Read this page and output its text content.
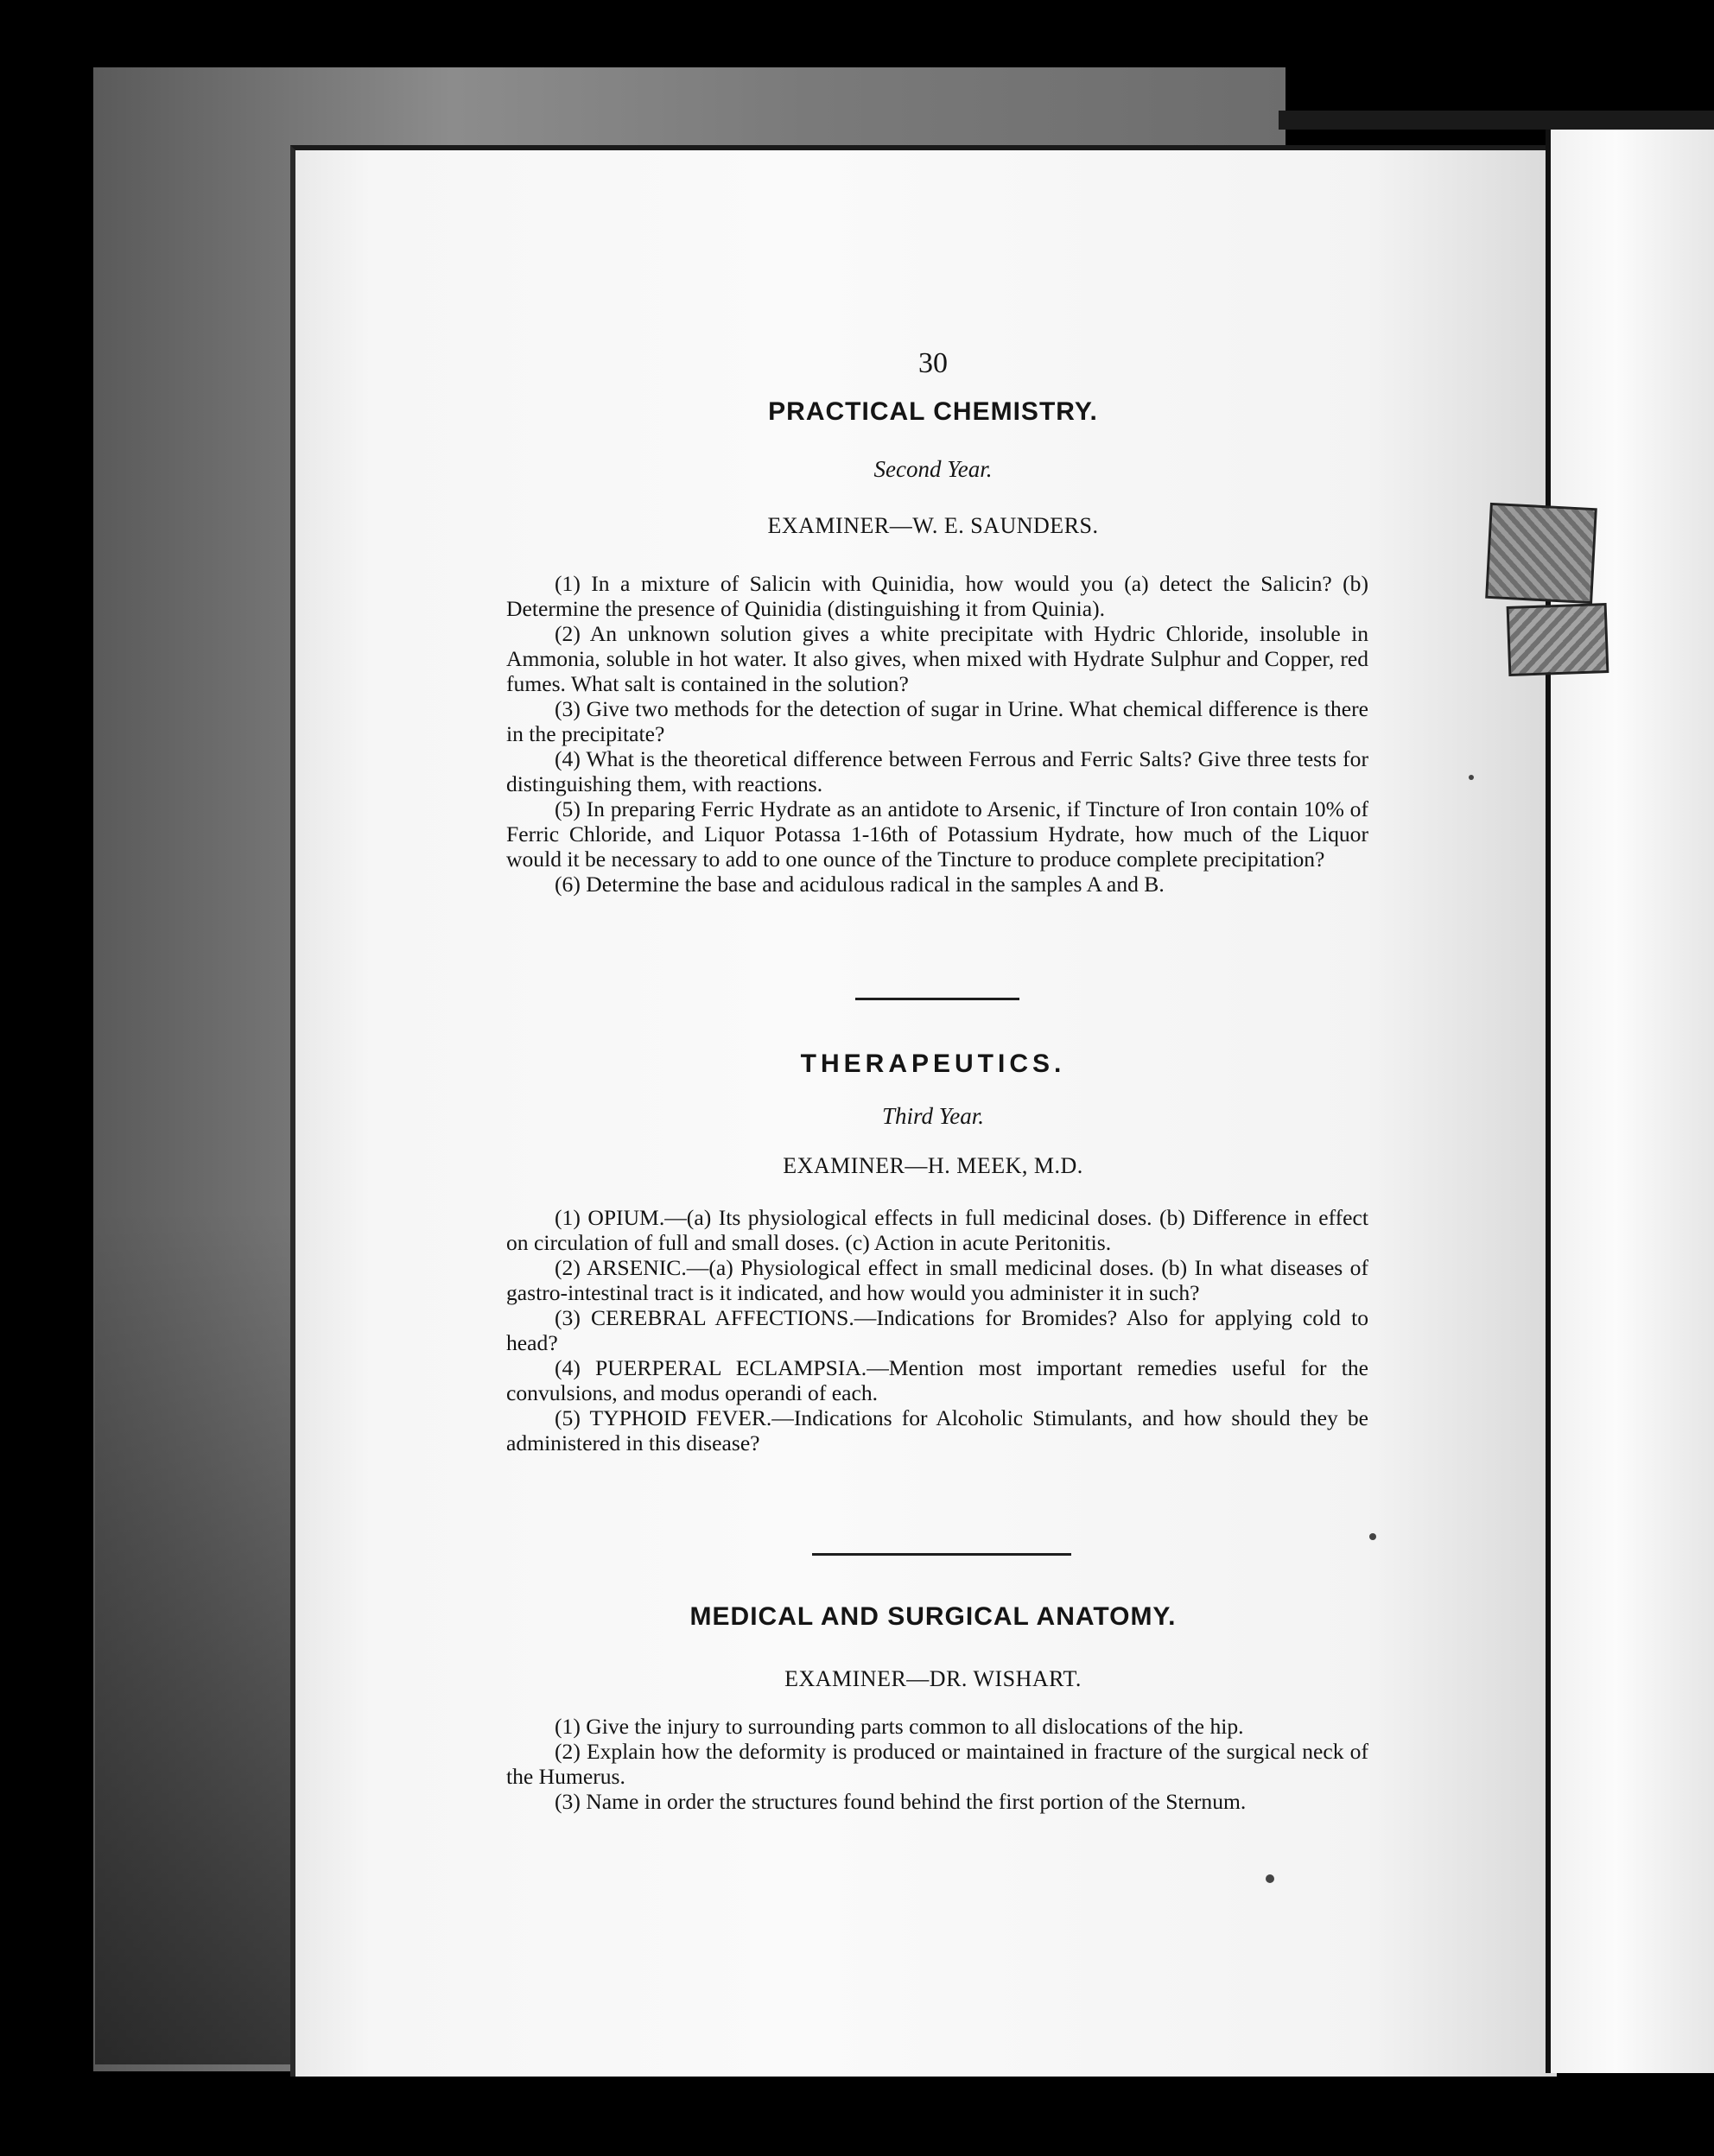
30
PRACTICAL CHEMISTRY.
Second Year.
EXAMINER—W. E. SAUNDERS.

(1) In a mixture of Salicin with Quinidia, how would you (a) detect the Salicin? (b) Determine the presence of Quinidia (distinguishing it from Quinia).

(2) An unknown solution gives a white precipitate with Hydric Chloride, insoluble in Ammonia, soluble in hot water. It also gives, when mixed with Hydrate Sulphur and Copper, red fumes. What salt is contained in the solution?

(3) Give two methods for the detection of sugar in Urine. What chemical difference is there in the precipitate?

(4) What is the theoretical difference between Ferrous and Ferric Salts? Give three tests for distinguishing them, with reactions.

(5) In preparing Ferric Hydrate as an antidote to Arsenic, if Tincture of Iron contain 10% of Ferric Chloride, and Liquor Potassa 1-16th of Potassium Hydrate, how much of the Liquor would it be necessary to add to one ounce of the Tincture to produce complete precipitation?

(6) Determine the base and acidulous radical in the samples A and B.

THERAPEUTICS.
Third Year.
EXAMINER—H. MEEK, M.D.

(1) OPIUM.—(a) Its physiological effects in full medicinal doses. (b) Difference in effect on circulation of full and small doses. (c) Action in acute Peritonitis.

(2) ARSENIC.—(a) Physiological effect in small medicinal doses. (b) In what diseases of gastro-intestinal tract is it indicated, and how would you administer it in such?

(3) CEREBRAL AFFECTIONS.—Indications for Bromides? Also for applying cold to head?

(4) PUERPERAL ECLAMPSIA.—Mention most important remedies useful for the convulsions, and modus operandi of each.

(5) TYPHOID FEVER.—Indications for Alcoholic Stimulants, and how should they be administered in this disease?

MEDICAL AND SURGICAL ANATOMY.
EXAMINER—DR. WISHART.

(1) Give the injury to surrounding parts common to all dislocations of the hip.

(2) Explain how the deformity is produced or maintained in fracture of the surgical neck of the Humerus.

(3) Name in order the structures found behind the first portion of the Sternum.
